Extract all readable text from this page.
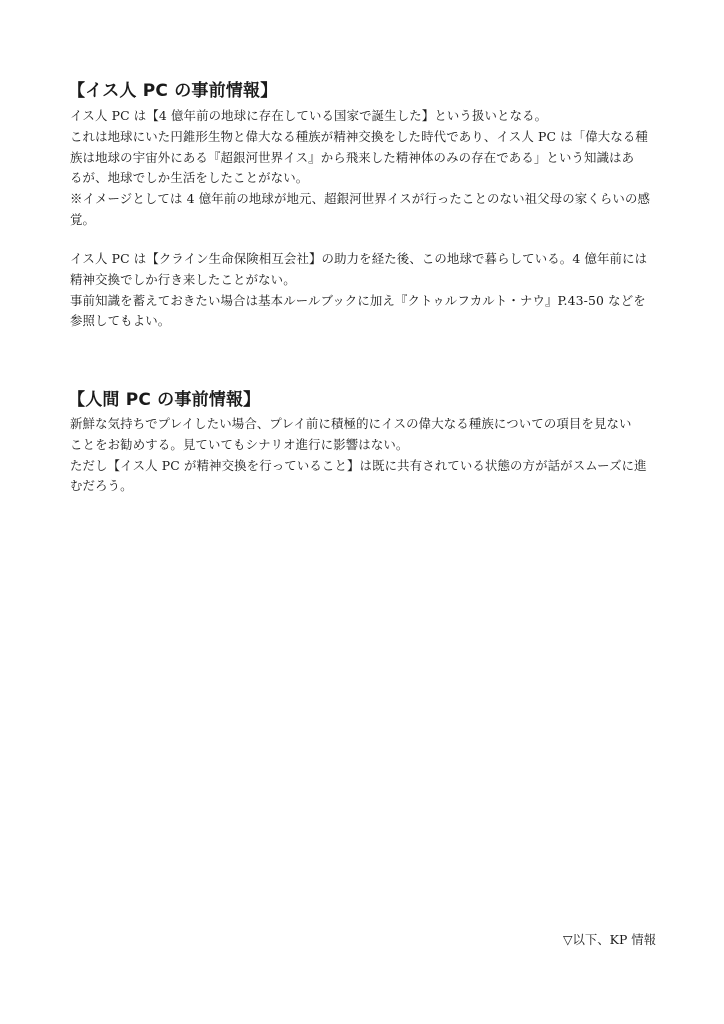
【イス人 PC の事前情報】
イス人 PC は【4 億年前の地球に存在している国家で誕生した】という扱いとなる。
これは地球にいた円錐形生物と偉大なる種族が精神交換をした時代であり、イス人 PC は「偉大なる種
族は地球の宇宙外にある『超銀河世界イス』から飛来した精神体のみの存在である」という知識はあ
るが、地球でしか生活をしたことがない。
※イメージとしては 4 億年前の地球が地元、超銀河世界イスが行ったことのない祖父母の家くらいの感
覚。
イス人 PC は【クライン生命保険相互会社】の助力を経た後、この地球で暮らしている。4 億年前には
精神交換でしか行き来したことがない。
事前知識を蓄えておきたい場合は基本ルールブックに加え『クトゥルフカルト・ナウ』P.43-50 などを
参照してもよい。
【人間 PC の事前情報】
新鮮な気持ちでプレイしたい場合、プレイ前に積極的にイスの偉大なる種族についての項目を見ない
ことをお勧めする。見ていてもシナリオ進行に影響はない。
ただし【イス人 PC が精神交換を行っていること】は既に共有されている状態の方が話がスムーズに進
むだろう。
▽以下、KP 情報
